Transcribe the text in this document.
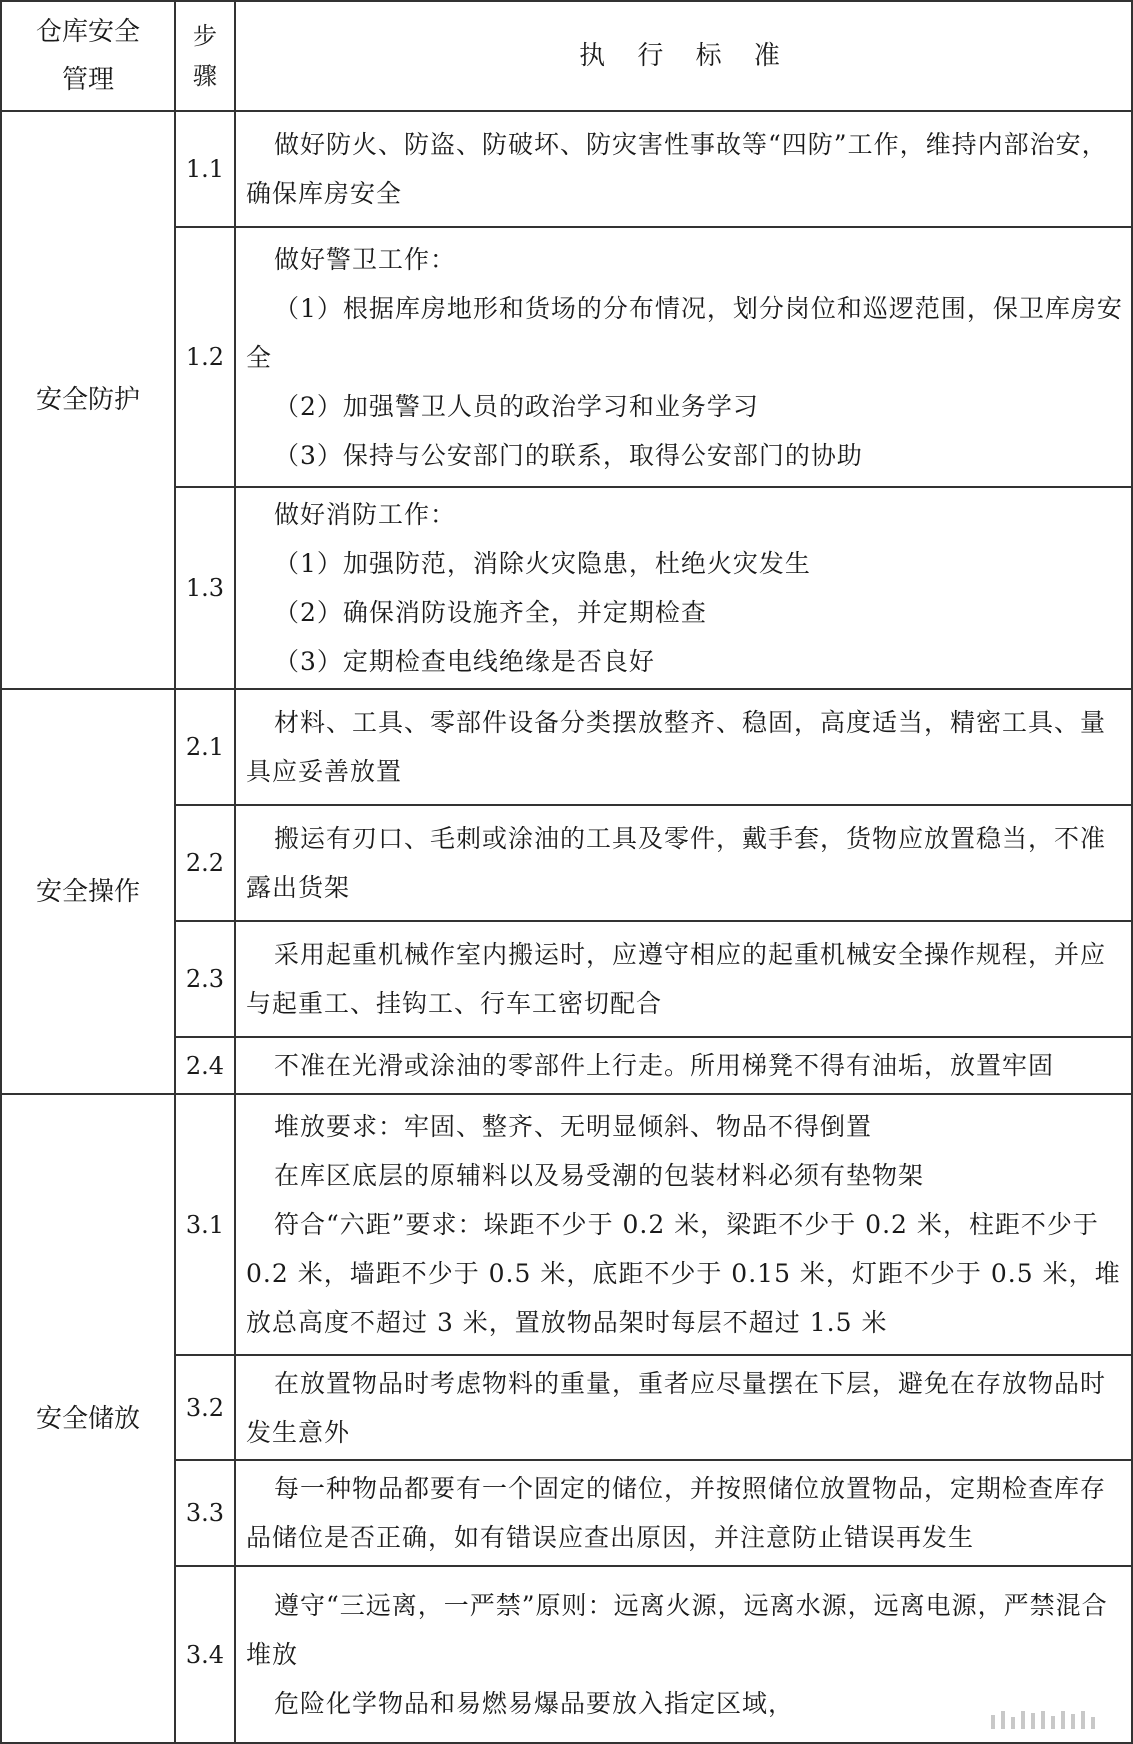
仓库安全管理	步骤	执 行 标 准
安全防护	1.1	做好防火、防盗、防破坏、防灾害性事故等“四防”工作，维持内部治安，确保库房安全

	1.2	做好警卫工作：
（1）根据库房地形和货场的分布情况，划分岗位和巡逻范围，保卫库房安全
（2）加强警卫人员的政治学习和业务学习
（3）保持与公安部门的联系，取得公安部门的协助

	1.3	做好消防工作：
（1）加强防范，消除火灾隐患，杜绝火灾发生
（2）确保消防设施齐全，并定期检查
（3）定期检查电线绝缘是否良好

安全操作	2.1	材料、工具、零部件设备分类摆放整齐、稳固，高度适当，精密工具、量具应妥善放置

	2.2	搬运有刃口、毛刺或涂油的工具及零件，戴手套，货物应放置稳当，不准露出货架

	2.3	采用起重机械作室内搬运时，应遵守相应的起重机械安全操作规程，并应与起重工、挂钩工、行车工密切配合

	2.4	不准在光滑或涂油的零部件上行走。所用梯凳不得有油垢，放置牢固

安全储放	3.1	堆放要求：牢固、整齐、无明显倾斜、物品不得倒置
在库区底层的原辅料以及易受潮的包装材料必须有垫物架
符合“六距”要求：垛距不少于 0.2 米，梁距不少于 0.2 米，柱距不少于 0.2 米，墙距不少于 0.5 米，底距不少于 0.15 米，灯距不少于 0.5 米，堆放总高度不超过 3 米，置放物品架时每层不超过 1.5 米

	3.2	在放置物品时考虑物料的重量，重者应尽量摆在下层，避免在存放物品时发生意外

	3.3	每一种物品都要有一个固定的储位，并按照储位放置物品，定期检查库存品储位是否正确，如有错误应查出原因，并注意防止错误再发生

	3.4	遵守“三远离，一严禁”原则：远离火源，远离水源，远离电源，严禁混合堆放
危险化学物品和易燃易爆品要放入指定区域，
